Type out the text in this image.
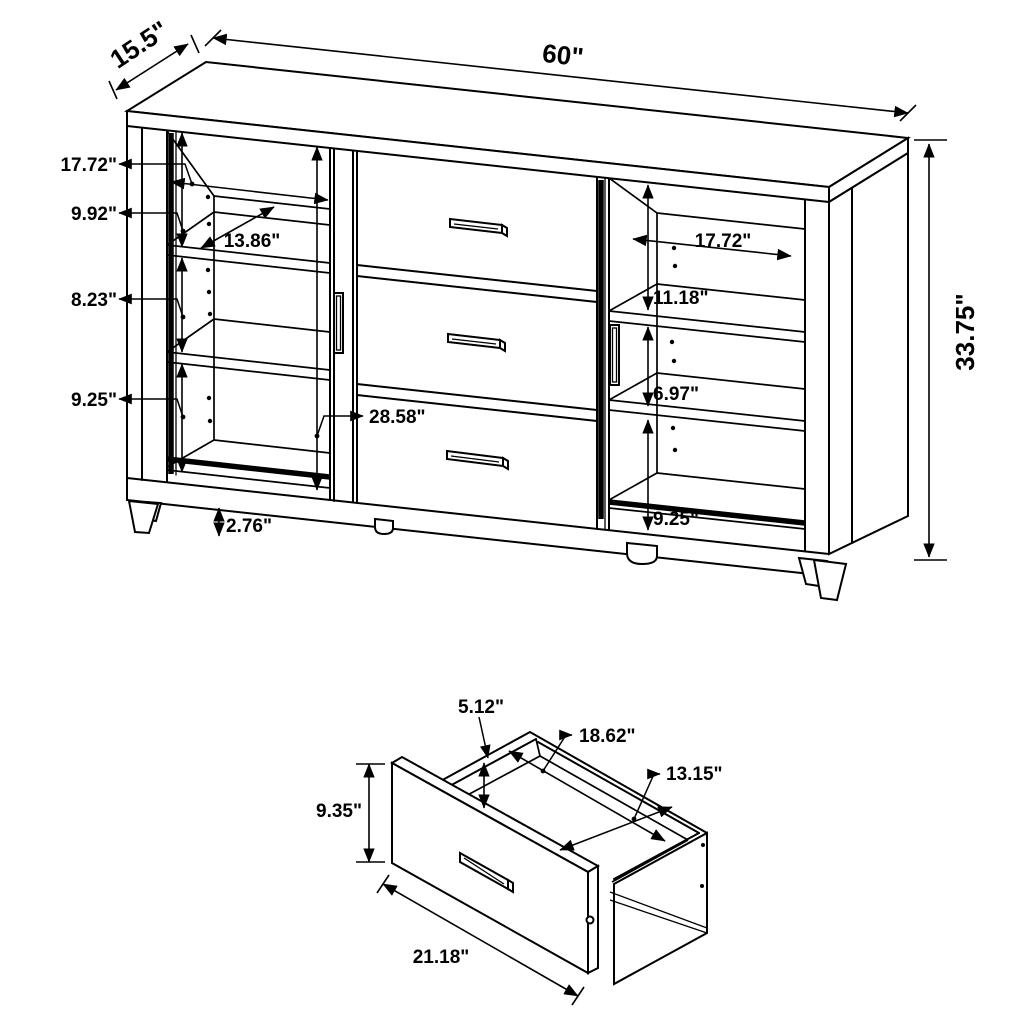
60"
15.5"
33.75"
17.72"
9.92"
13.86"
8.23"
9.25"
28.58"
2.76"
17.72"
11.18"
6.97"
9.25"
5.12"
18.62"
13.15"
9.35"
21.18"
